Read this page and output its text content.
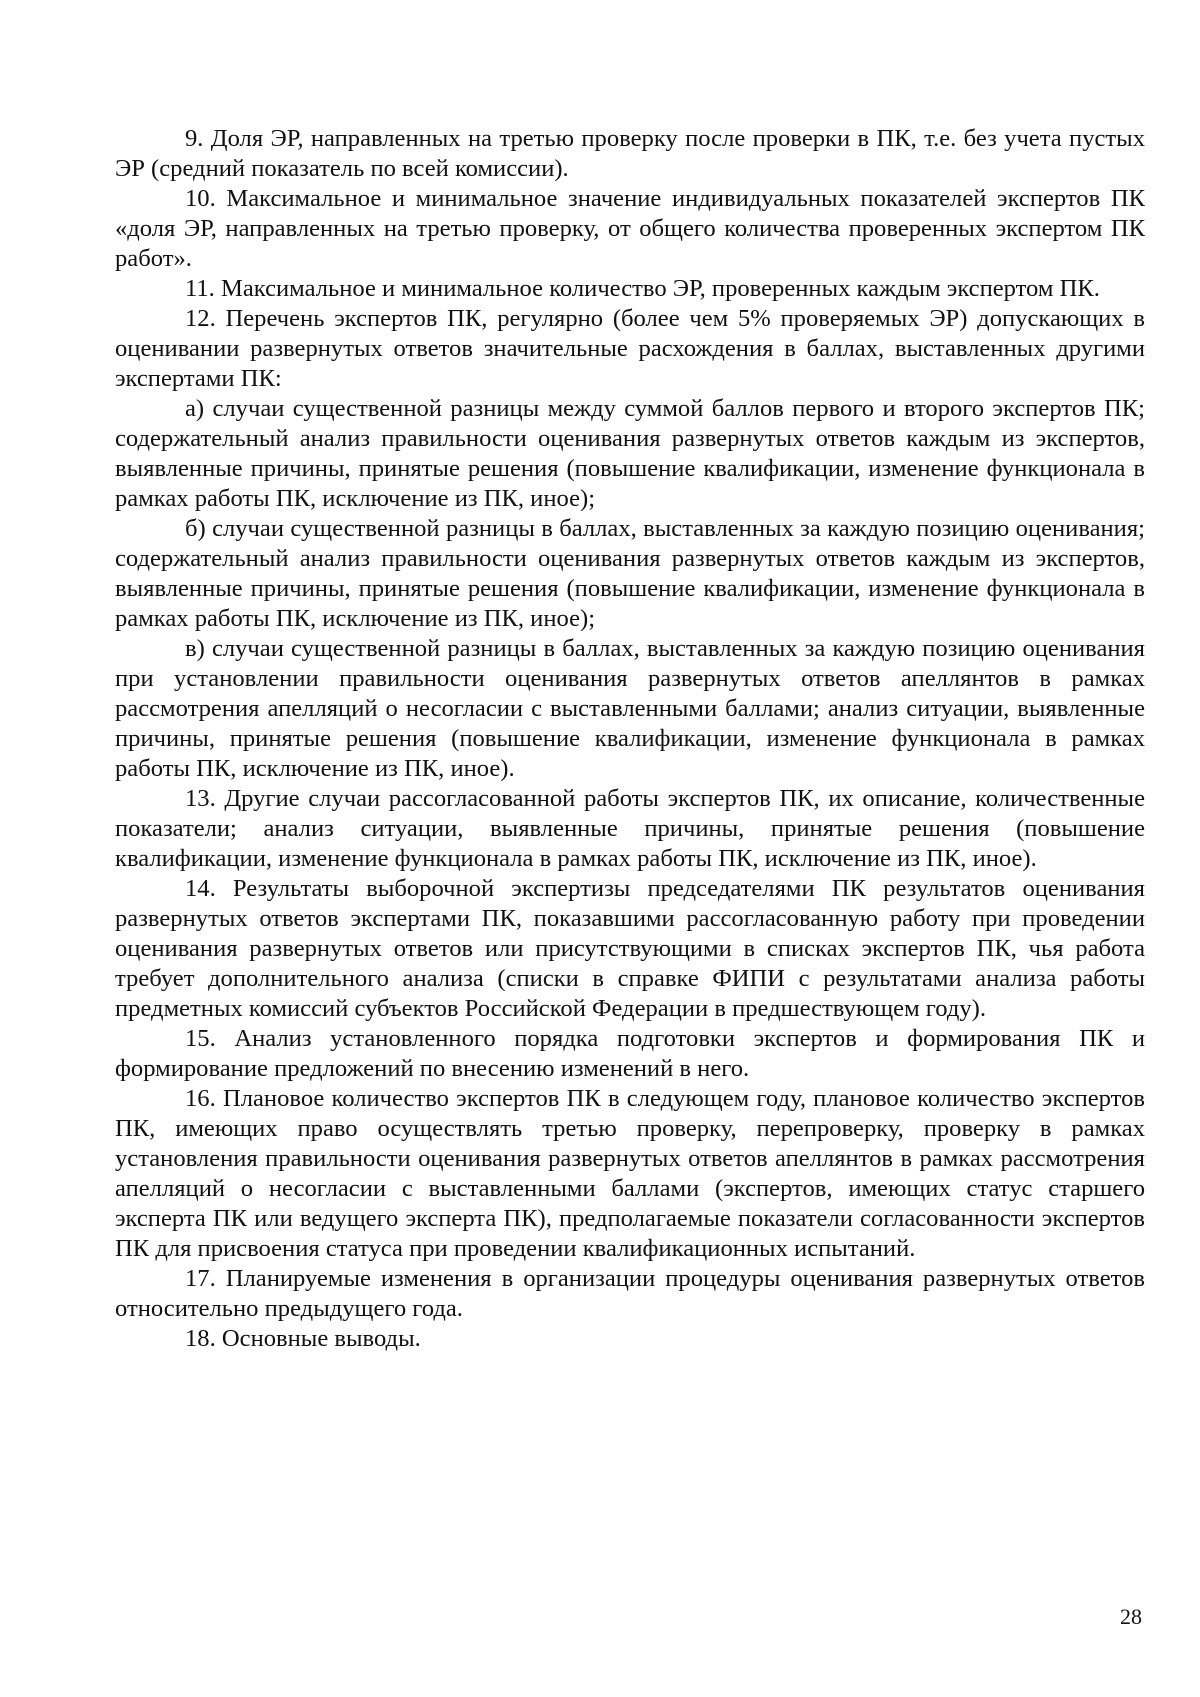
9. Доля ЭР, направленных на третью проверку после проверки в ПК, т.е. без учета пустых ЭР (средний показатель по всей комиссии).

10. Максимальное и минимальное значение индивидуальных показателей экспертов ПК «доля ЭР, направленных на третью проверку, от общего количества проверенных экспертом ПК работ».

11. Максимальное и минимальное количество ЭР, проверенных каждым экспертом ПК.

12. Перечень экспертов ПК, регулярно (более чем 5% проверяемых ЭР) допускающих в оценивании развернутых ответов значительные расхождения в баллах, выставленных другими экспертами ПК:

а) случаи существенной разницы между суммой баллов первого и второго экспертов ПК; содержательный анализ правильности оценивания развернутых ответов каждым из экспертов, выявленные причины, принятые решения (повышение квалификации, изменение функционала в рамках работы ПК, исключение из ПК, иное);

б) случаи существенной разницы в баллах, выставленных за каждую позицию оценивания; содержательный анализ правильности оценивания развернутых ответов каждым из экспертов, выявленные причины, принятые решения (повышение квалификации, изменение функционала в рамках работы ПК, исключение из ПК, иное);

в) случаи существенной разницы в баллах, выставленных за каждую позицию оценивания при установлении правильности оценивания развернутых ответов апеллянтов в рамках рассмотрения апелляций о несогласии с выставленными баллами; анализ ситуации, выявленные причины, принятые решения (повышение квалификации, изменение функционала в рамках работы ПК, исключение из ПК, иное).

13. Другие случаи рассогласованной работы экспертов ПК, их описание, количественные показатели; анализ ситуации, выявленные причины, принятые решения (повышение квалификации, изменение функционала в рамках работы ПК, исключение из ПК, иное).

14. Результаты выборочной экспертизы председателями ПК результатов оценивания развернутых ответов экспертами ПК, показавшими рассогласованную работу при проведении оценивания развернутых ответов или присутствующими в списках экспертов ПК, чья работа требует дополнительного анализа (списки в справке ФИПИ с результатами анализа работы предметных комиссий субъектов Российской Федерации в предшествующем году).

15. Анализ установленного порядка подготовки экспертов и формирования ПК и формирование предложений по внесению изменений в него.

16. Плановое количество экспертов ПК в следующем году, плановое количество экспертов ПК, имеющих право осуществлять третью проверку, перепроверку, проверку в рамках установления правильности оценивания развернутых ответов апеллянтов в рамках рассмотрения апелляций о несогласии с выставленными баллами (экспертов, имеющих статус старшего эксперта ПК или ведущего эксперта ПК), предполагаемые показатели согласованности экспертов ПК для присвоения статуса при проведении квалификационных испытаний.

17. Планируемые изменения в организации процедуры оценивания развернутых ответов относительно предыдущего года.

18. Основные выводы.

28
